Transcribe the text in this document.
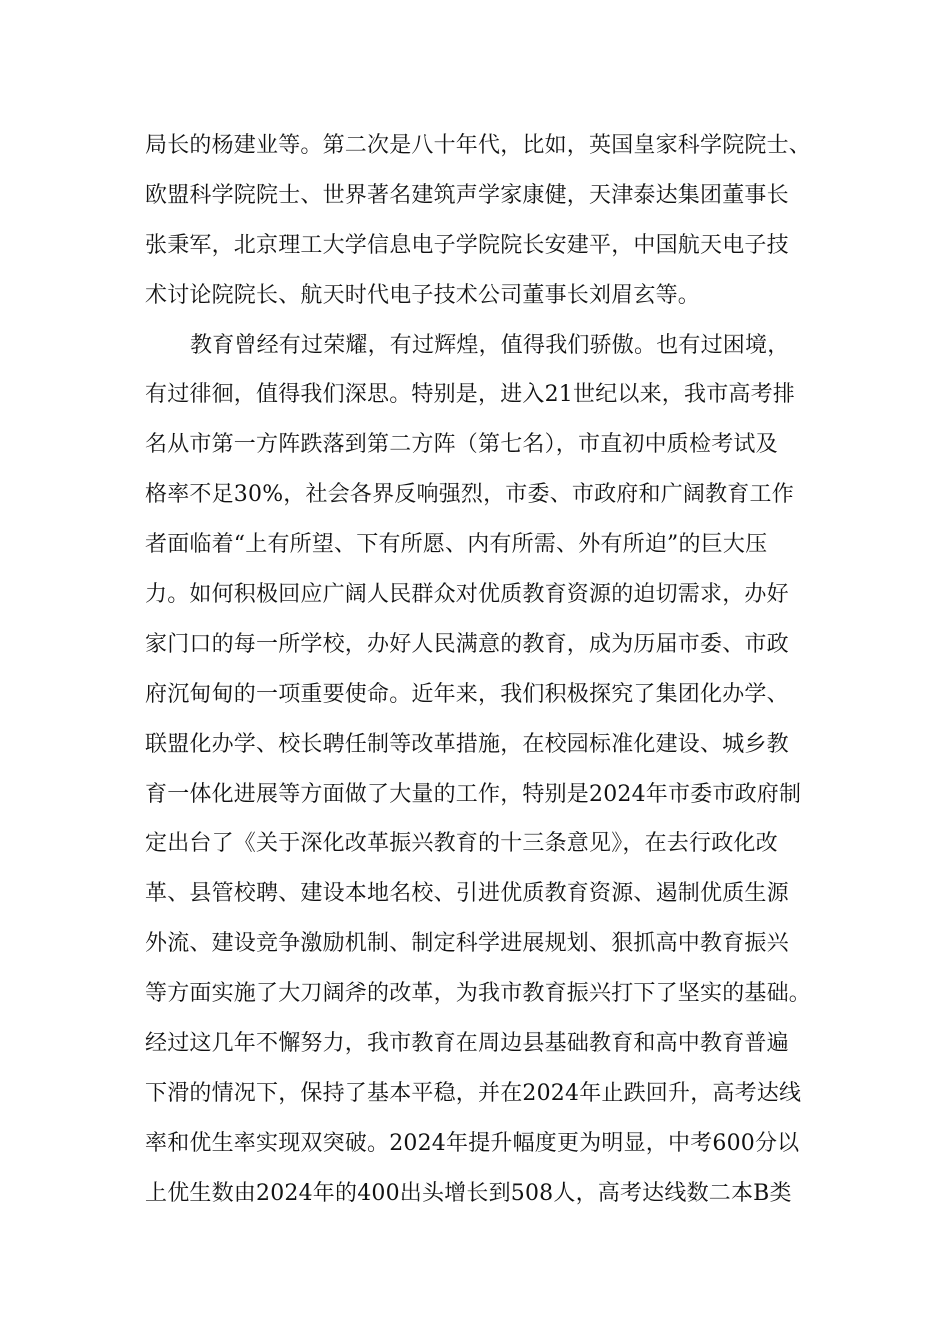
局长的杨建业等。第二次是八十年代，比如，英国皇家科学院院士、
欧盟科学院院士、世界著名建筑声学家康健，天津泰达集团董事长
张秉军，北京理工大学信息电子学院院长安建平，中国航天电子技
术讨论院院长、航天时代电子技术公司董事长刘眉玄等。
教育曾经有过荣耀，有过辉煌，值得我们骄傲。也有过困境，
有过徘徊，值得我们深思。特别是，进入21世纪以来，我市高考排
名从市第一方阵跌落到第二方阵（第七名），市直初中质检考试及
格率不足30%，社会各界反响强烈，市委、市政府和广阔教育工作
者面临着“上有所望、下有所愿、内有所需、外有所迫”的巨大压
力。如何积极回应广阔人民群众对优质教育资源的迫切需求，办好
家门口的每一所学校，办好人民满意的教育，成为历届市委、市政
府沉甸甸的一项重要使命。近年来，我们积极探究了集团化办学、
联盟化办学、校长聘任制等改革措施，在校园标准化建设、城乡教
育一体化进展等方面做了大量的工作，特别是2024年市委市政府制
定出台了《关于深化改革振兴教育的十三条意见》，在去行政化改
革、县管校聘、建设本地名校、引进优质教育资源、遏制优质生源
外流、建设竞争激励机制、制定科学进展规划、狠抓高中教育振兴
等方面实施了大刀阔斧的改革，为我市教育振兴打下了坚实的基础。
经过这几年不懈努力，我市教育在周边县基础教育和高中教育普遍
下滑的情况下，保持了基本平稳，并在2024年止跌回升，高考达线
率和优生率实现双突破。2024年提升幅度更为明显，中考600分以
上优生数由2024年的400出头增长到508人，高考达线数二本B类
